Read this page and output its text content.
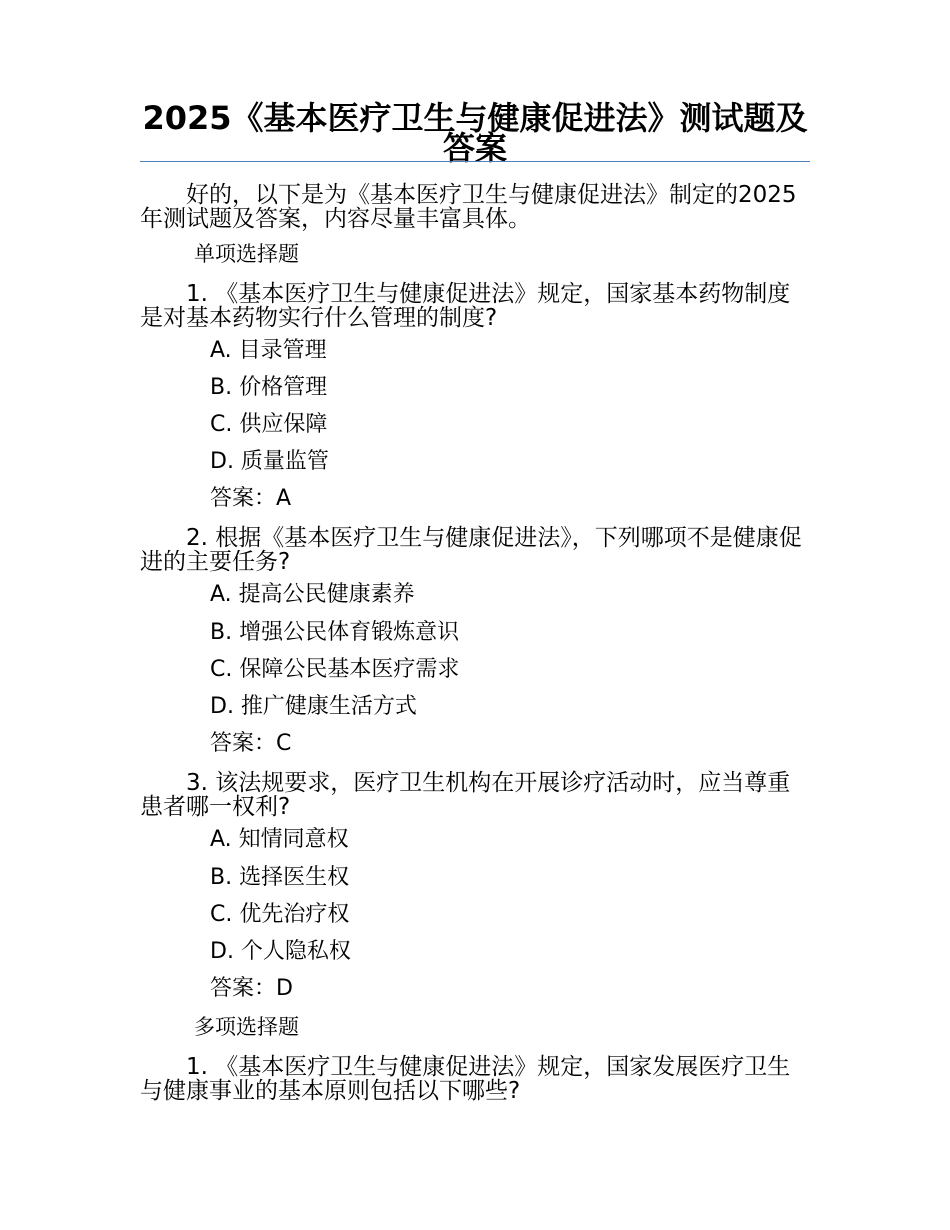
2025《基本医疗卫生与健康促进法》测试题及答案
好的，以下是为《基本医疗卫生与健康促进法》制定的2025 年测试题及答案，内容尽量丰富具体。
单项选择题
1. 《基本医疗卫生与健康促进法》规定，国家基本药物制度是对基本药物实行什么管理的制度?
A. 目录管理
B. 价格管理
C. 供应保障
D. 质量监管
答案：A
2. 根据《基本医疗卫生与健康促进法》，下列哪项不是健康促进的主要任务?
A. 提高公民健康素养
B. 增强公民体育锻炼意识
C. 保障公民基本医疗需求
D. 推广健康生活方式
答案：C
3. 该法规要求，医疗卫生机构在开展诊疗活动时，应当尊重患者哪一权利?
A. 知情同意权
B. 选择医生权
C. 优先治疗权
D. 个人隐私权
答案：D
多项选择题
1. 《基本医疗卫生与健康促进法》规定，国家发展医疗卫生与健康事业的基本原则包括以下哪些?
